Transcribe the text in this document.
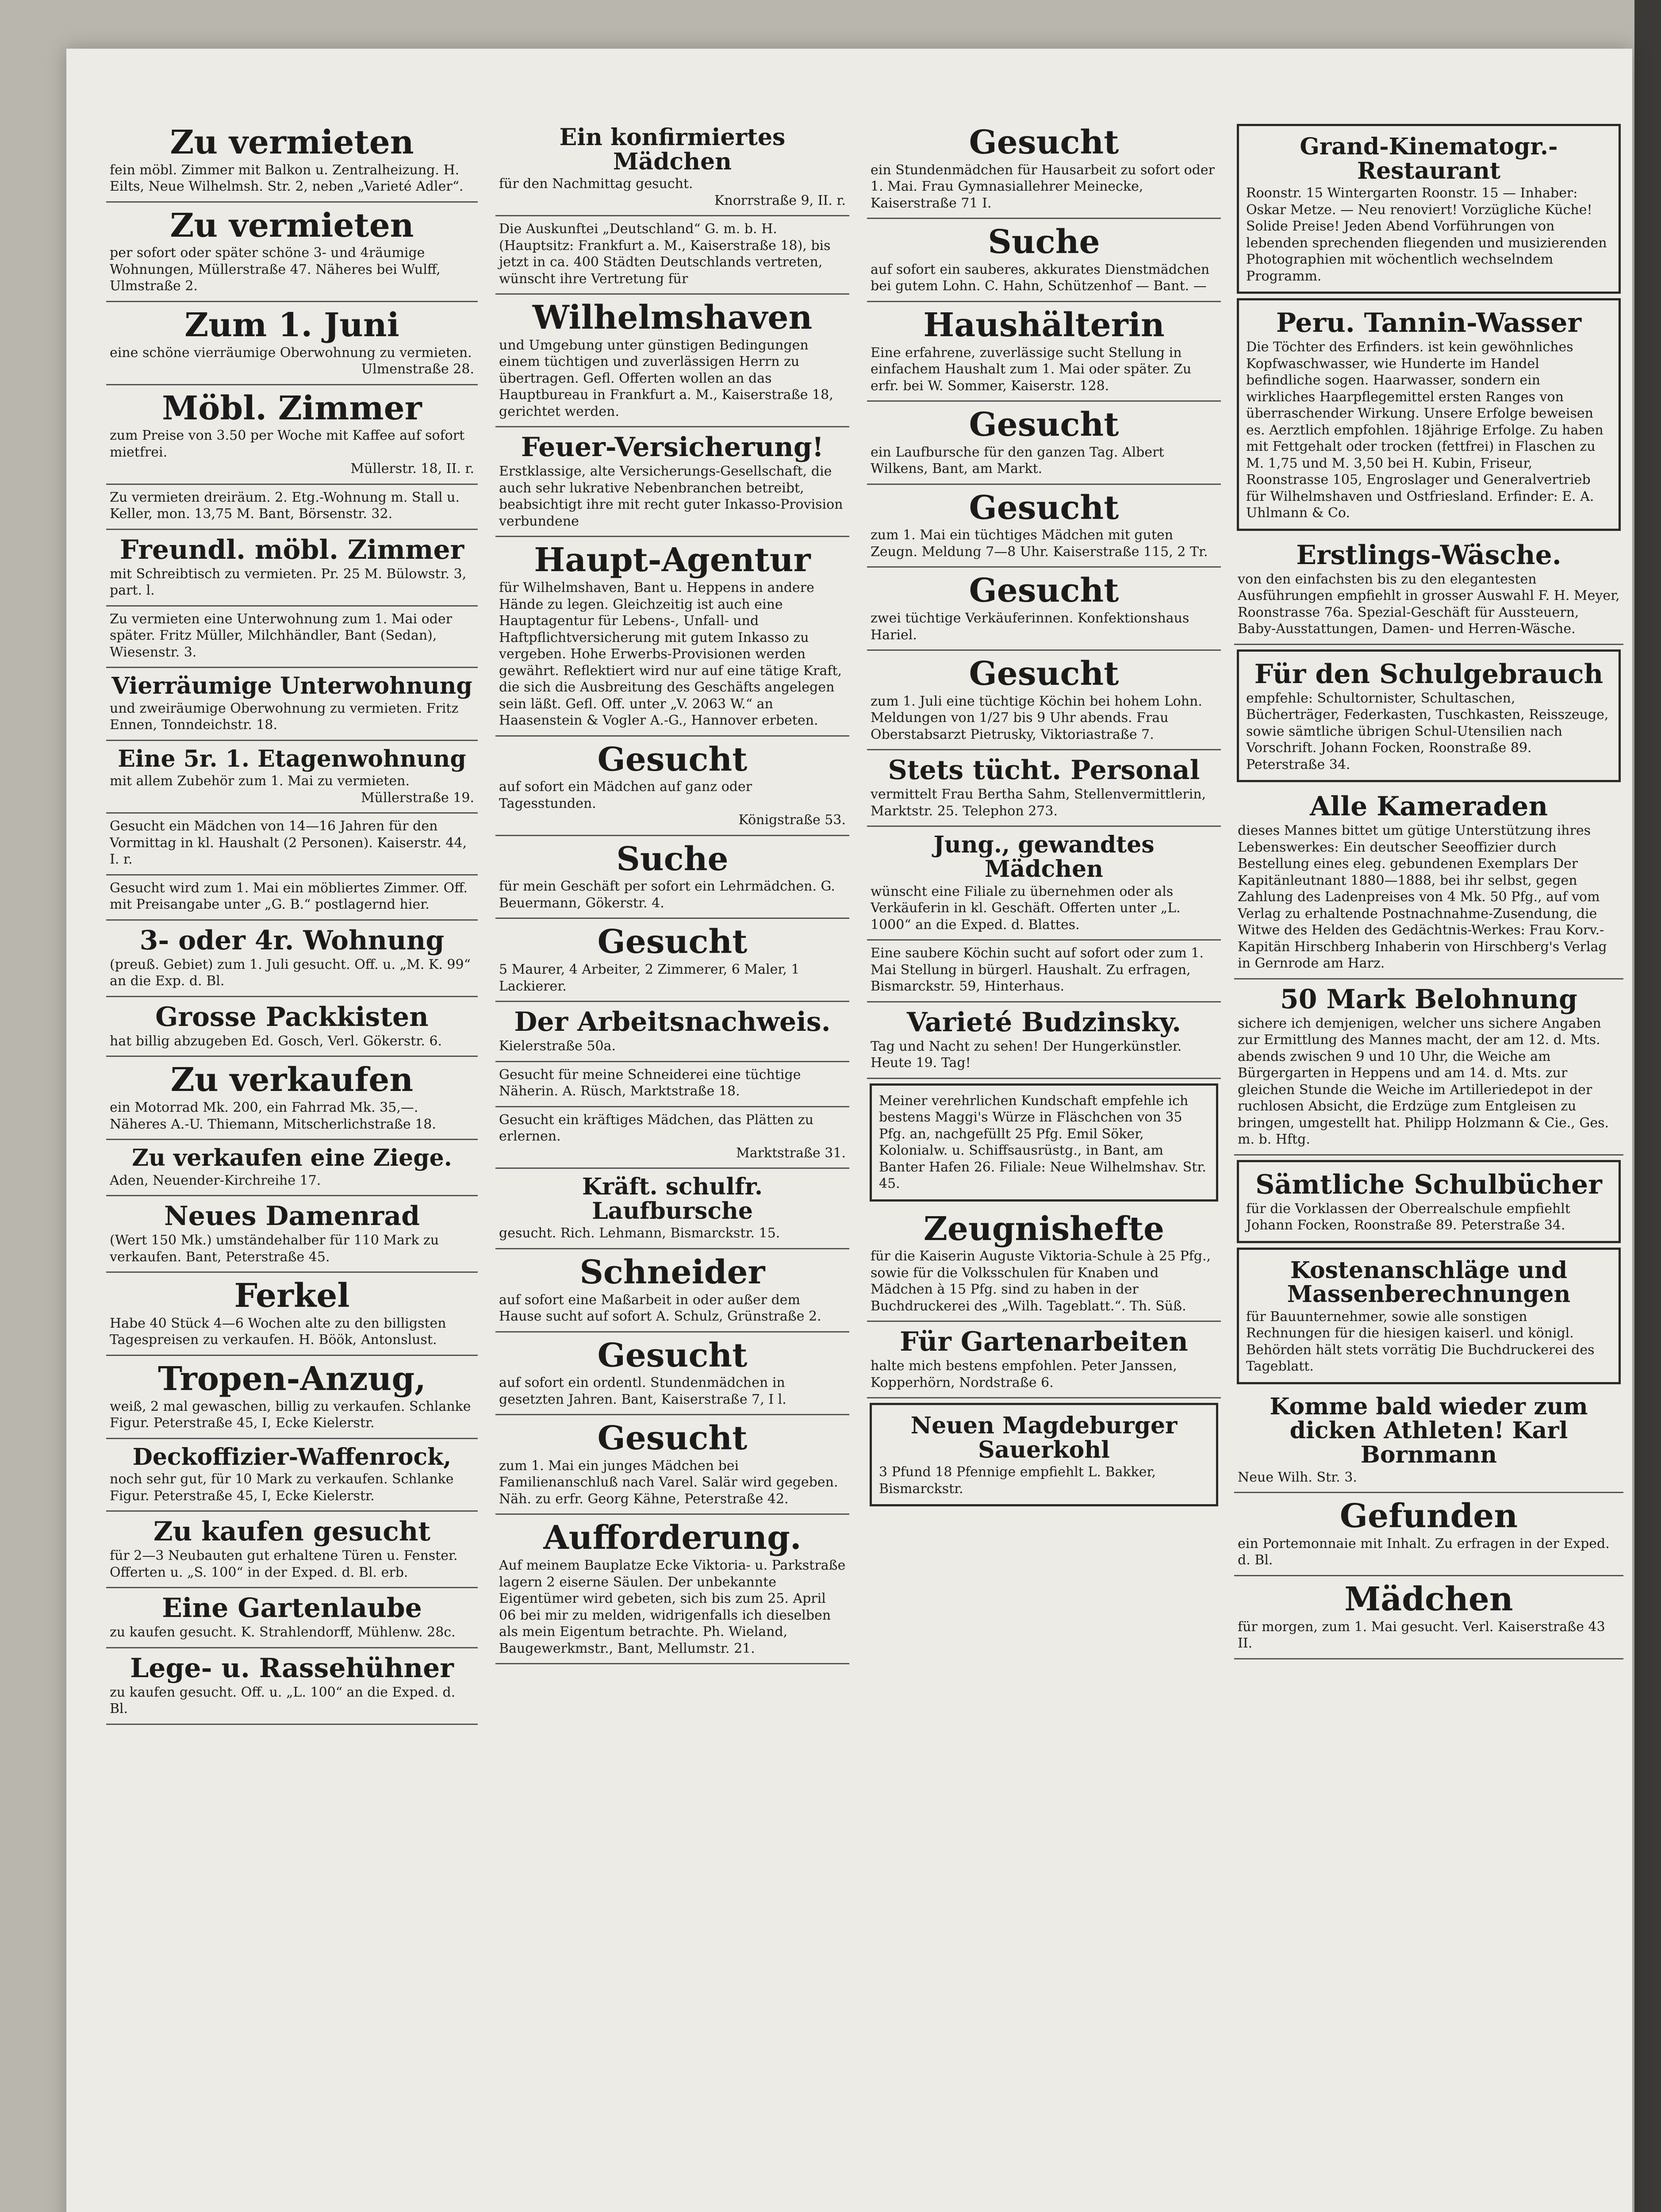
Zu vermieten
fein möbl. Zimmer mit Balkon u. Zentralheizung. H. Eilts, Neue Wilhelmsh. Str. 2, neben „Varieté Adler“.
Zu vermieten
per sofort oder später schöne 3- und 4räumige Wohnungen, Müllerstraße 47. Näheres bei Wulff, Ulmstraße 2.
Zum 1. Juni
eine schöne vierräumige Oberwohnung zu vermieten.
Ulmenstraße 28.
Möbl. Zimmer
zum Preise von 3.50 per Woche mit Kaffee auf sofort mietfrei.
Müllerstr. 18, II. r.
Zu vermieten dreiräum. 2. Etg.-Wohnung m. Stall u. Keller, mon. 13,75 M. Bant, Börsenstr. 32.
Freundl. möbl. Zimmer
mit Schreibtisch zu vermieten. Pr. 25 M. Bülowstr. 3, part. l.
Zu vermieten eine Unterwohnung zum 1. Mai oder später. Fritz Müller, Milchhändler, Bant (Sedan), Wiesenstr. 3.
Vierräumige Unterwohnung
und zweiräumige Oberwohnung zu vermieten. Fritz Ennen, Tonndeichstr. 18.
Eine 5r. 1. Etagenwohnung
mit allem Zubehör zum 1. Mai zu vermieten.
Müllerstraße 19.
Gesucht ein Mädchen von 14—16 Jahren für den Vormittag in kl. Haushalt (2 Personen). Kaiserstr. 44, I. r.
Gesucht wird zum 1. Mai ein möbliertes Zimmer. Off. mit Preisangabe unter „G. B.“ postlagernd hier.
3- oder 4r. Wohnung
(preuß. Gebiet) zum 1. Juli gesucht. Off. u. „M. K. 99“ an die Exp. d. Bl.
Grosse Packkisten
hat billig abzugeben Ed. Gosch, Verl. Gökerstr. 6.
Zu verkaufen
ein Motorrad Mk. 200, ein Fahrrad Mk. 35,—. Näheres A.-U. Thiemann, Mitscherlichstraße 18.
Zu verkaufen eine Ziege.
Aden, Neuender-Kirchreihe 17.
Neues Damenrad
(Wert 150 Mk.) umständehalber für 110 Mark zu verkaufen. Bant, Peterstraße 45.
Ferkel
Habe 40 Stück 4—6 Wochen alte zu den billigsten Tagespreisen zu verkaufen. H. Böök, Antonslust.
Tropen-Anzug,
weiß, 2 mal gewaschen, billig zu verkaufen. Schlanke Figur. Peterstraße 45, I, Ecke Kielerstr.
Deckoffizier-Waffenrock,
noch sehr gut, für 10 Mark zu verkaufen. Schlanke Figur. Peterstraße 45, I, Ecke Kielerstr.
Zu kaufen gesucht
für 2—3 Neubauten gut erhaltene Türen u. Fenster. Offerten u. „S. 100“ in der Exped. d. Bl. erb.
Eine Gartenlaube
zu kaufen gesucht. K. Strahlendorff, Mühlenw. 28c.
Lege- u. Rassehühner
zu kaufen gesucht. Off. u. „L. 100“ an die Exped. d. Bl.
Ein konfirmiertes Mädchen
für den Nachmittag gesucht.
Knorrstraße 9, II. r.
Die Auskunftei „Deutschland“ G. m. b. H. (Hauptsitz: Frankfurt a. M., Kaiserstraße 18), bis jetzt in ca. 400 Städten Deutschlands vertreten, wünscht ihre Vertretung für
Wilhelmshaven
und Umgebung unter günstigen Bedingungen einem tüchtigen und zuverlässigen Herrn zu übertragen. Gefl. Offerten wollen an das Hauptbureau in Frankfurt a. M., Kaiserstraße 18, gerichtet werden.
Feuer-Versicherung!
Erstklassige, alte Versicherungs-Gesellschaft, die auch sehr lukrative Nebenbranchen betreibt, beabsichtigt ihre mit recht guter Inkasso-Provision verbundene
Haupt-Agentur
für Wilhelmshaven, Bant u. Heppens in andere Hände zu legen. Gleichzeitig ist auch eine Hauptagentur für Lebens-, Unfall- und Haftpflichtversicherung mit gutem Inkasso zu vergeben. Hohe Erwerbs-Provisionen werden gewährt. Reflektiert wird nur auf eine tätige Kraft, die sich die Ausbreitung des Geschäfts angelegen sein läßt. Gefl. Off. unter „V. 2063 W.“ an Haasenstein & Vogler A.-G., Hannover erbeten.
Gesucht
auf sofort ein Mädchen auf ganz oder Tagesstunden.
Königstraße 53.
Suche
für mein Geschäft per sofort ein Lehrmädchen. G. Beuermann, Gökerstr. 4.
Gesucht
5 Maurer, 4 Arbeiter, 2 Zimmerer, 6 Maler, 1 Lackierer.
Der Arbeitsnachweis.
Kielerstraße 50a.
Gesucht für meine Schneiderei eine tüchtige Näherin. A. Rüsch, Marktstraße 18.
Gesucht ein kräftiges Mädchen, das Plätten zu erlernen.
Marktstraße 31.
Kräft. schulfr. Laufbursche
gesucht. Rich. Lehmann, Bismarckstr. 15.
Schneider
auf sofort eine Maßarbeit in oder außer dem Hause sucht auf sofort A. Schulz, Grünstraße 2.
Gesucht
auf sofort ein ordentl. Stundenmädchen in gesetzten Jahren. Bant, Kaiserstraße 7, I l.
Gesucht
zum 1. Mai ein junges Mädchen bei Familienanschluß nach Varel. Salär wird gegeben. Näh. zu erfr. Georg Kähne, Peterstraße 42.
Aufforderung.
Auf meinem Bauplatze Ecke Viktoria- u. Parkstraße lagern 2 eiserne Säulen. Der unbekannte Eigentümer wird gebeten, sich bis zum 25. April 06 bei mir zu melden, widrigenfalls ich dieselben als mein Eigentum betrachte. Ph. Wieland, Baugewerkmstr., Bant, Mellumstr. 21.
Gesucht
ein Stundenmädchen für Hausarbeit zu sofort oder 1. Mai. Frau Gymnasiallehrer Meinecke, Kaiserstraße 71 I.
Suche
auf sofort ein sauberes, akkurates Dienstmädchen bei gutem Lohn. C. Hahn, Schützenhof — Bant. —
Haushälterin
Eine erfahrene, zuverlässige sucht Stellung in einfachem Haushalt zum 1. Mai oder später. Zu erfr. bei W. Sommer, Kaiserstr. 128.
Gesucht
ein Laufbursche für den ganzen Tag. Albert Wilkens, Bant, am Markt.
Gesucht
zum 1. Mai ein tüchtiges Mädchen mit guten Zeugn. Meldung 7—8 Uhr. Kaiserstraße 115, 2 Tr.
Gesucht
zwei tüchtige Verkäuferinnen. Konfektionshaus Hariel.
Gesucht
zum 1. Juli eine tüchtige Köchin bei hohem Lohn. Meldungen von 1/27 bis 9 Uhr abends. Frau Oberstabsarzt Pietrusky, Viktoriastraße 7.
Stets tücht. Personal
vermittelt Frau Bertha Sahm, Stellenvermittlerin, Marktstr. 25. Telephon 273.
Jung., gewandtes Mädchen
wünscht eine Filiale zu übernehmen oder als Verkäuferin in kl. Geschäft. Offerten unter „L. 1000“ an die Exped. d. Blattes.
Eine saubere Köchin sucht auf sofort oder zum 1. Mai Stellung in bürgerl. Haushalt. Zu erfragen, Bismarckstr. 59, Hinterhaus.
Varieté Budzinsky.
Tag und Nacht zu sehen! Der Hungerkünstler. Heute 19. Tag!
Meiner verehrlichen Kundschaft empfehle ich bestens Maggi's Würze in Fläschchen von 35 Pfg. an, nachgefüllt 25 Pfg. Emil Söker, Kolonialw. u. Schiffsausrüstg., in Bant, am Banter Hafen 26. Filiale: Neue Wilhelmshav. Str. 45.
Zeugnishefte
für die Kaiserin Auguste Viktoria-Schule à 25 Pfg., sowie für die Volksschulen für Knaben und Mädchen à 15 Pfg. sind zu haben in der Buchdruckerei des „Wilh. Tageblatt.“. Th. Süß.
Für Gartenarbeiten
halte mich bestens empfohlen. Peter Janssen, Kopperhörn, Nordstraße 6.
Neuen Magdeburger Sauerkohl
3 Pfund 18 Pfennige empfiehlt L. Bakker, Bismarckstr.
Grand-Kinematogr.-Restaurant
Roonstr. 15 Wintergarten Roonstr. 15 — Inhaber: Oskar Metze. — Neu renoviert! Vorzügliche Küche! Solide Preise! Jeden Abend Vorführungen von lebenden sprechenden fliegenden und musizierenden Photographien mit wöchentlich wechselndem Programm.
Peru. Tannin-Wasser
Die Töchter des Erfinders. ist kein gewöhnliches Kopfwaschwasser, wie Hunderte im Handel befindliche sogen. Haarwasser, sondern ein wirkliches Haarpflegemittel ersten Ranges von überraschender Wirkung. Unsere Erfolge beweisen es. Aerztlich empfohlen. 18jährige Erfolge. Zu haben mit Fettgehalt oder trocken (fettfrei) in Flaschen zu M. 1,75 und M. 3,50 bei H. Kubin, Friseur, Roonstrasse 105, Engroslager und Generalvertrieb für Wilhelmshaven und Ostfriesland. Erfinder: E. A. Uhlmann & Co.
Erstlings-Wäsche.
von den einfachsten bis zu den elegantesten Ausführungen empfiehlt in grosser Auswahl F. H. Meyer, Roonstrasse 76a. Spezial-Geschäft für Aussteuern, Baby-Ausstattungen, Damen- und Herren-Wäsche.
Für den Schulgebrauch
empfehle: Schultornister, Schultaschen, Bücherträger, Federkasten, Tuschkasten, Reisszeuge, sowie sämtliche übrigen Schul-Utensilien nach Vorschrift. Johann Focken, Roonstraße 89. Peterstraße 34.
Alle Kameraden
dieses Mannes bittet um gütige Unterstützung ihres Lebenswerkes: Ein deutscher Seeoffizier durch Bestellung eines eleg. gebundenen Exemplars Der Kapitänleutnant 1880—1888, bei ihr selbst, gegen Zahlung des Ladenpreises von 4 Mk. 50 Pfg., auf vom Verlag zu erhaltende Postnachnahme-Zusendung, die Witwe des Helden des Gedächtnis-Werkes: Frau Korv.-Kapitän Hirschberg Inhaberin von Hirschberg's Verlag in Gernrode am Harz.
50 Mark Belohnung
sichere ich demjenigen, welcher uns sichere Angaben zur Ermittlung des Mannes macht, der am 12. d. Mts. abends zwischen 9 und 10 Uhr, die Weiche am Bürgergarten in Heppens und am 14. d. Mts. zur gleichen Stunde die Weiche im Artilleriedepot in der ruchlosen Absicht, die Erdzüge zum Entgleisen zu bringen, umgestellt hat. Philipp Holzmann & Cie., Ges. m. b. Hftg.
Sämtliche Schulbücher
für die Vorklassen der Oberrealschule empfiehlt Johann Focken, Roonstraße 89. Peterstraße 34.
Kostenanschläge und Massenberechnungen
für Bauunternehmer, sowie alle sonstigen Rechnungen für die hiesigen kaiserl. und königl. Behörden hält stets vorrätig Die Buchdruckerei des Tageblatt.
Komme bald wieder zum dicken Athleten! Karl Bornmann
Neue Wilh. Str. 3.
Gefunden
ein Portemonnaie mit Inhalt. Zu erfragen in der Exped. d. Bl.
Mädchen
für morgen, zum 1. Mai gesucht. Verl. Kaiserstraße 43 II.
